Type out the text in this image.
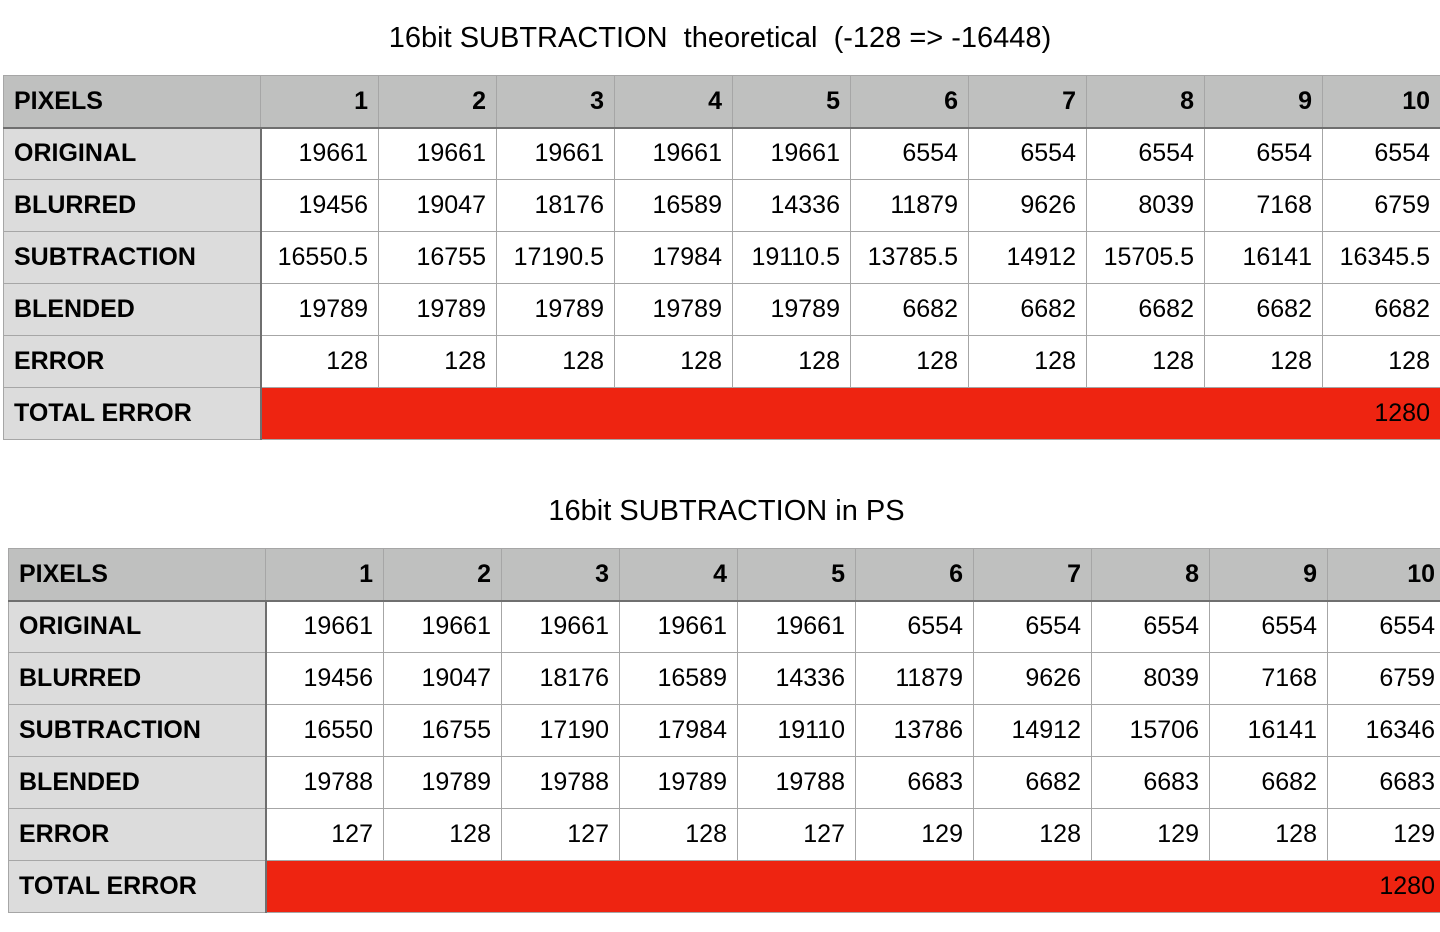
16bit SUBTRACTION  theoretical  (-128 => -16448)
PIXELS	1	2	3	4	5	6	7	8	9	10
ORIGINAL	19661	19661	19661	19661	19661	6554	6554	6554	6554	6554
BLURRED	19456	19047	18176	16589	14336	11879	9626	8039	7168	6759
SUBTRACTION	16550.5	16755	17190.5	17984	19110.5	13785.5	14912	15705.5	16141	16345.5
BLENDED	19789	19789	19789	19789	19789	6682	6682	6682	6682	6682
ERROR	128	128	128	128	128	128	128	128	128	128
TOTAL ERROR	1280									
16bit SUBTRACTION in PS
PIXELS	1	2	3	4	5	6	7	8	9	10
ORIGINAL	19661	19661	19661	19661	19661	6554	6554	6554	6554	6554
BLURRED	19456	19047	18176	16589	14336	11879	9626	8039	7168	6759
SUBTRACTION	16550	16755	17190	17984	19110	13786	14912	15706	16141	16346
BLENDED	19788	19789	19788	19789	19788	6683	6682	6683	6682	6683
ERROR	127	128	127	128	127	129	128	129	128	129
TOTAL ERROR	1280									
